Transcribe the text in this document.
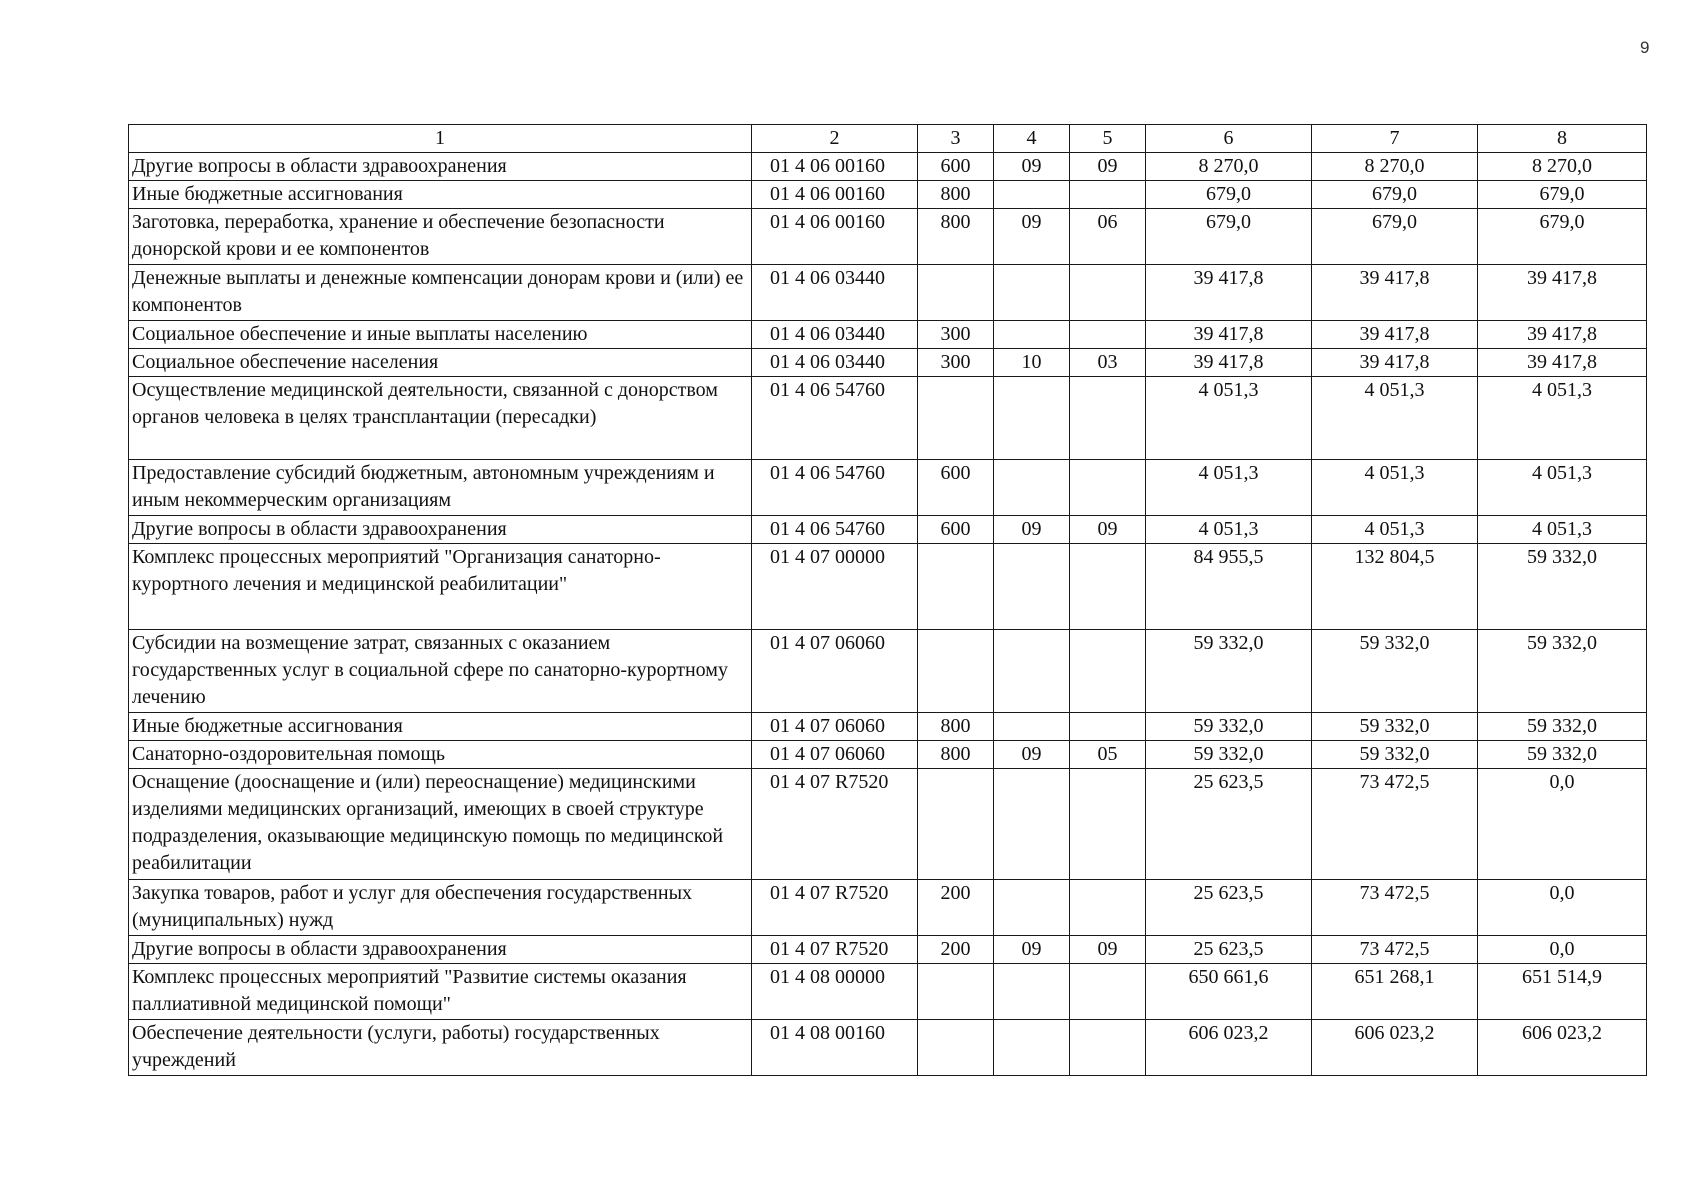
9
1	2	3	4	5	6	7	8
Другие вопросы в области здравоохранения	01 4 06 00160	600	09	09	8 270,0	8 270,0	8 270,0
Иные бюджетные ассигнования	01 4 06 00160	800			679,0	679,0	679,0
Заготовка, переработка, хранение и обеспечение безопасности донорской крови и ее компонентов	01 4 06 00160	800	09	06	679,0	679,0	679,0
Денежные выплаты и денежные компенсации донорам крови и (или) ее компонентов	01 4 06 03440				39 417,8	39 417,8	39 417,8
Социальное обеспечение и иные выплаты населению	01 4 06 03440	300			39 417,8	39 417,8	39 417,8
Социальное обеспечение населения	01 4 06 03440	300	10	03	39 417,8	39 417,8	39 417,8
Осуществление медицинской деятельности, связанной с донорством органов человека в целях трансплантации (пересадки)	01 4 06 54760				4 051,3	4 051,3	4 051,3
Предоставление субсидий бюджетным, автономным учреждениям и иным некоммерческим организациям	01 4 06 54760	600			4 051,3	4 051,3	4 051,3
Другие вопросы в области здравоохранения	01 4 06 54760	600	09	09	4 051,3	4 051,3	4 051,3
Комплекс процессных мероприятий "Организация санаторно-курортного лечения и медицинской реабилитации"	01 4 07 00000				84 955,5	132 804,5	59 332,0
Субсидии на возмещение затрат, связанных с оказанием государственных услуг в социальной сфере по санаторно-курортному лечению	01 4 07 06060				59 332,0	59 332,0	59 332,0
Иные бюджетные ассигнования	01 4 07 06060	800			59 332,0	59 332,0	59 332,0
Санаторно-оздоровительная помощь	01 4 07 06060	800	09	05	59 332,0	59 332,0	59 332,0
Оснащение (дооснащение и (или) переоснащение) медицинскими изделиями медицинских организаций, имеющих в своей структуре подразделения, оказывающие медицинскую помощь по медицинской реабилитации	01 4 07 R7520				25 623,5	73 472,5	0,0
Закупка товаров, работ и услуг для обеспечения государственных (муниципальных) нужд	01 4 07 R7520	200			25 623,5	73 472,5	0,0
Другие вопросы в области здравоохранения	01 4 07 R7520	200	09	09	25 623,5	73 472,5	0,0
Комплекс процессных мероприятий "Развитие системы оказания паллиативной медицинской помощи"	01 4 08 00000				650 661,6	651 268,1	651 514,9
Обеспечение деятельности (услуги, работы) государственных учреждений	01 4 08 00160				606 023,2	606 023,2	606 023,2
